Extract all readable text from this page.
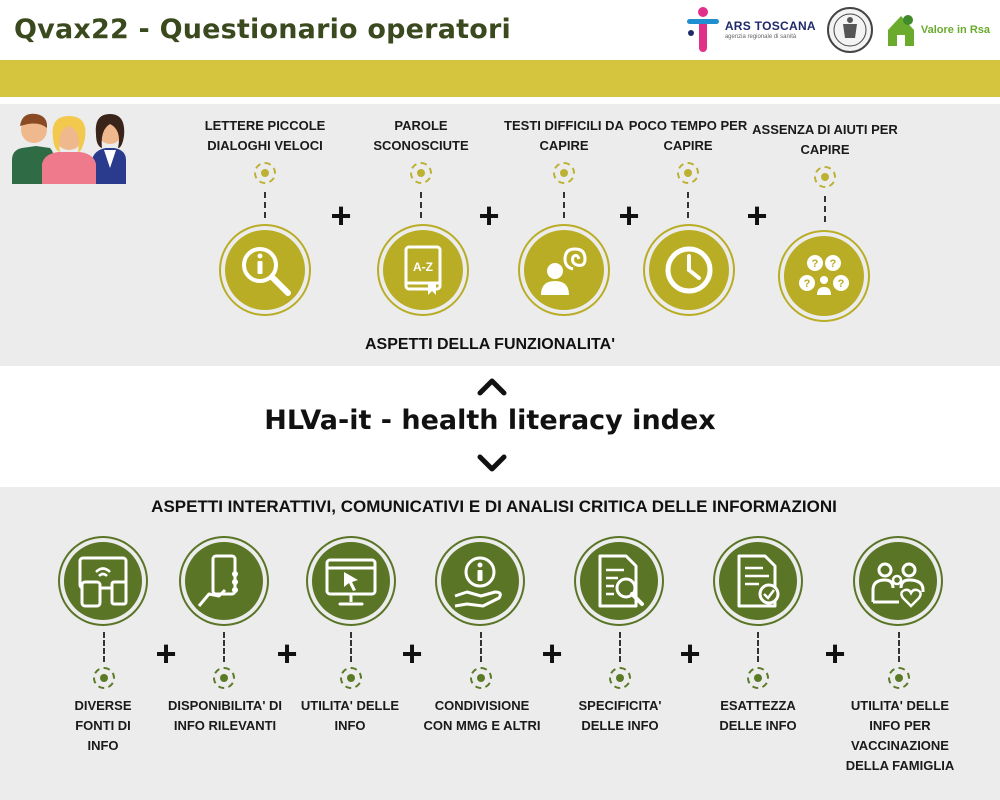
Qvax22 - Questionario operatori	ARS TOSCANA
agenzia regionale di sanità
Valore in Rsa
LETTERE PICCOLE DIALOGHI VELOCI
+
PAROLE SCONOSCIUTE
A-Z
+
TESTI DIFFICILI DA CAPIRE
+
POCO TEMPO PER CAPIRE
+
ASSENZA DI AIUTI PER CAPIRE
? ?
? ?
ASPETTI DELLA FUNZIONALITA'
HLVa-it - health literacy index
ASPETTI INTERATTIVI, COMUNICATIVI E DI ANALISI CRITICA DELLE INFORMAZIONI
DIVERSE FONTI DI INFO
+
DISPONIBILITA' DI INFO RILEVANTI
+
UTILITA' DELLE INFO
+
CONDIVISIONE CON MMG E ALTRI
+
SPECIFICITA' DELLE INFO
+
ESATTEZZA DELLE INFO
+
UTILITA' DELLE INFO PER VACCINAZIONE DELLA FAMIGLIA
